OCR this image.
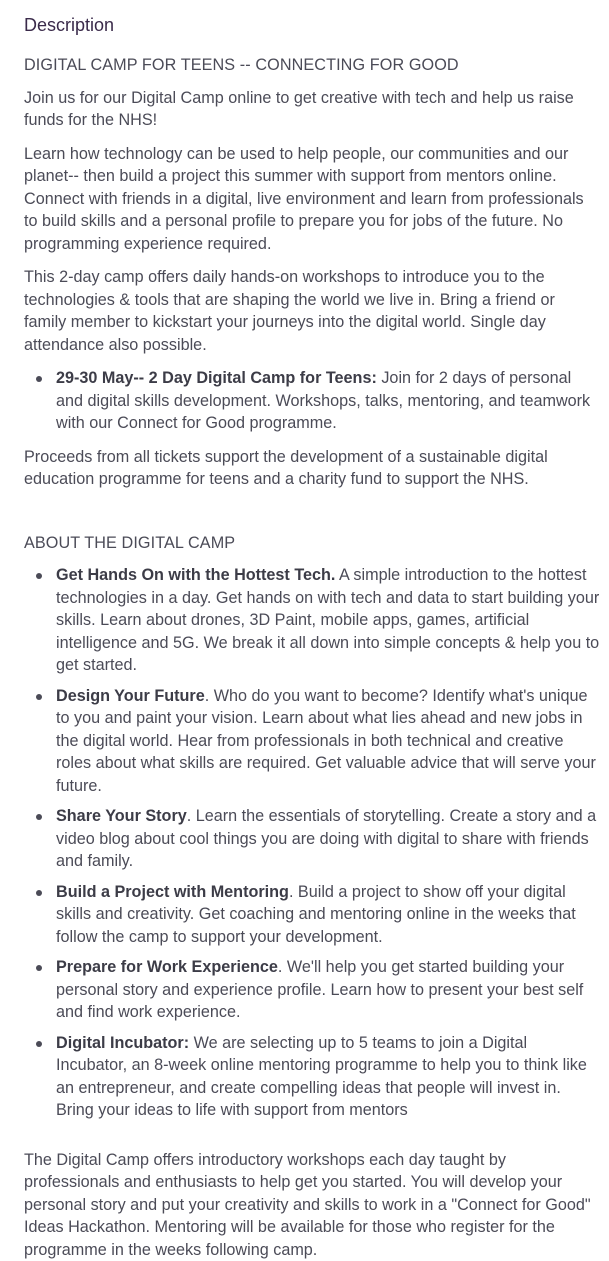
Description
DIGITAL CAMP FOR TEENS -- CONNECTING FOR GOOD

Join us for our Digital Camp online to get creative with tech and help us raise funds for the NHS!

Learn how technology can be used to help people, our communities and our planet-- then build a project this summer with support from mentors online. Connect with friends in a digital, live environment and learn from professionals to build skills and a personal profile to prepare you for jobs of the future. No programming experience required.

This 2-day camp offers daily hands-on workshops to introduce you to the technologies & tools that are shaping the world we live in. Bring a friend or family member to kickstart your journeys into the digital world. Single day attendance also possible.

29-30 May-- 2 Day Digital Camp for Teens: Join for 2 days of personal and digital skills development. Workshops, talks, mentoring, and teamwork with our Connect for Good programme.

Proceeds from all tickets support the development of a sustainable digital education programme for teens and a charity fund to support the NHS.

ABOUT THE DIGITAL CAMP
Get Hands On with the Hottest Tech. A simple introduction to the hottest technologies in a day. Get hands on with tech and data to start building your skills. Learn about drones, 3D Paint, mobile apps, games, artificial intelligence and 5G. We break it all down into simple concepts & help you to get started.
Design Your Future. Who do you want to become? Identify what's unique to you and paint your vision. Learn about what lies ahead and new jobs in the digital world. Hear from professionals in both technical and creative roles about what skills are required. Get valuable advice that will serve your future.
Share Your Story. Learn the essentials of storytelling. Create a story and a video blog about cool things you are doing with digital to share with friends and family.
Build a Project with Mentoring. Build a project to show off your digital skills and creativity. Get coaching and mentoring online in the weeks that follow the camp to support your development.
Prepare for Work Experience. We'll help you get started building your personal story and experience profile. Learn how to present your best self and find work experience.
Digital Incubator: We are selecting up to 5 teams to join a Digital Incubator, an 8-week online mentoring programme to help you to think like an entrepreneur, and create compelling ideas that people will invest in. Bring your ideas to life with support from mentors

The Digital Camp offers introductory workshops each day taught by professionals and enthusiasts to help get you started. You will develop your personal story and put your creativity and skills to work in a "Connect for Good" Ideas Hackathon. Mentoring will be available for those who register for the programme in the weeks following camp.
